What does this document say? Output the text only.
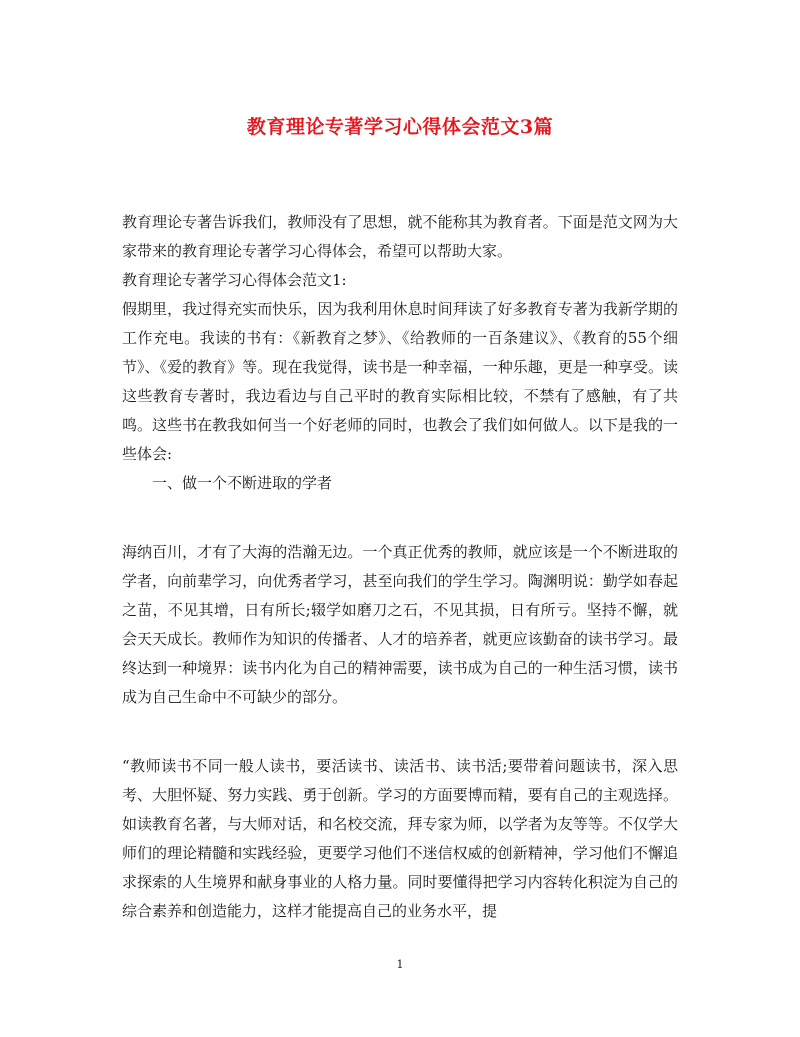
教育理论专著学习心得体会范文3篇

教育理论专著告诉我们，教师没有了思想，就不能称其为教育者。下面是范文网为大家带来的教育理论专著学习心得体会，希望可以帮助大家。

教育理论专著学习心得体会范文1:

假期里，我过得充实而快乐，因为我利用休息时间拜读了好多教育专著为我新学期的工作充电。我读的书有：《新教育之梦》、《给教师的一百条建议》、《教育的55个细节》、《爱的教育》等。现在我觉得，读书是一种幸福，一种乐趣，更是一种享受。读这些教育专著时，我边看边与自己平时的教育实际相比较，不禁有了感触，有了共鸣。这些书在教我如何当一个好老师的同时，也教会了我们如何做人。以下是我的一些体会:

一、做一个不断进取的学者

海纳百川，才有了大海的浩瀚无边。一个真正优秀的教师，就应该是一个不断进取的学者，向前辈学习，向优秀者学习，甚至向我们的学生学习。陶渊明说：勤学如春起之苗，不见其增，日有所长;辍学如磨刀之石，不见其损，日有所亏。坚持不懈，就会天天成长。教师作为知识的传播者、人才的培养者，就更应该勤奋的读书学习。最终达到一种境界：读书内化为自己的精神需要，读书成为自己的一种生活习惯，读书成为自己生命中不可缺少的部分。

“教师读书不同一般人读书，要活读书、读活书、读书活;要带着问题读书，深入思考、大胆怀疑、努力实践、勇于创新。学习的方面要博而精，要有自己的主观选择。如读教育名著，与大师对话，和名校交流，拜专家为师，以学者为友等等。不仅学大师们的理论精髓和实践经验，更要学习他们不迷信权威的创新精神，学习他们不懈追求探索的人生境界和献身事业的人格力量。同时要懂得把学习内容转化积淀为自己的综合素养和创造能力，这样才能提高自己的业务水平，提

1
